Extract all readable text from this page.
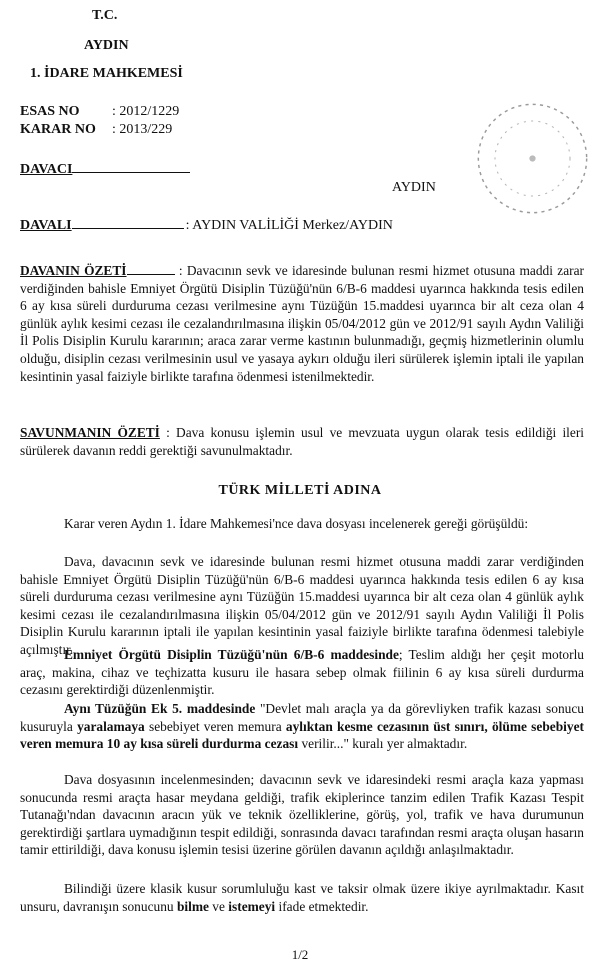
T.C.
AYDIN
1. İDARE MAHKEMESİ
ESAS NO : 2012/1229
KARAR NO : 2013/229
DAVACI
AYDIN
DAVALI	: AYDIN VALİLİĞİ Merkez/AYDIN
DAVANIN ÖZETİ	: Davacının sevk ve idaresinde bulunan resmi hizmet otusuna maddi zarar verdiğinden bahisle Emniyet Örgütü Disiplin Tüzüğü'nün 6/B-6 maddesi uyarınca hakkında tesis edilen 6 ay kısa süreli durduruma cezası verilmesine aynı Tüzüğün 15.maddesi uyarınca bir alt ceza olan 4 günlük aylık kesimi cezası ile cezalandırılmasına ilişkin 05/04/2012 gün ve 2012/91 sayılı Aydın Valiliği İl Polis Disiplin Kurulu kararının; araca zarar verme kastının bulunmadığı, geçmiş hizmetlerinin olumlu olduğu, disiplin cezası verilmesinin usul ve yasaya aykırı olduğu ileri sürülerek işlemin iptali ile yapılan kesintinin yasal faiziyle birlikte tarafına ödenmesi istenilmektedir.
SAVUNMANIN ÖZETİ : Dava konusu işlemin usul ve mevzuata uygun olarak tesis edildiği ileri sürülerek davanın reddi gerektiği savunulmaktadır.
TÜRK MİLLETİ ADINA
Karar veren Aydın 1. İdare Mahkemesi'nce dava dosyası incelenerek gereği görüşüldü:
Dava, davacının sevk ve idaresinde bulunan resmi hizmet otusuna maddi zarar verdiğinden bahisle Emniyet Örgütü Disiplin Tüzüğü'nün 6/B-6 maddesi uyarınca hakkında tesis edilen 6 ay kısa süreli durduruma cezası verilmesine aynı Tüzüğün 15.maddesi uyarınca bir alt ceza olan 4 günlük aylık kesimi cezası ile cezalandırılmasına ilişkin 05/04/2012 gün ve 2012/91 sayılı Aydın Valiliği İl Polis Disiplin Kurulu kararının iptali ile yapılan kesintinin yasal faiziyle birlikte tarafına ödenmesi talebiyle açılmıştır.
Emniyet Örgütü Disiplin Tüzüğü'nün 6/B-6 maddesinde; Teslim aldığı her çeşit motorlu araç, makina, cihaz ve teçhizatta kusuru ile hasara sebep olmak fiilinin 6 ay kısa süreli durdurma cezasını gerektirdiği düzenlenmiştir.
Aynı Tüzüğün Ek 5. maddesinde "Devlet malı araçla ya da görevliyken trafik kazası sonucu kusuruyla yaralamaya sebebiyet veren memura aylıktan kesme cezasının üst sınırı, ölüme sebebiyet veren memura 10 ay kısa süreli durdurma cezası verilir..." kuralı yer almaktadır.
Dava dosyasının incelenmesinden; davacının sevk ve idaresindeki resmi araçla kaza yapması sonucunda resmi araçta hasar meydana geldiği, trafik ekiplerince tanzim edilen Trafik Kazası Tespit Tutanağı'ndan davacının aracın yük ve teknik özelliklerine, görüş, yol, trafik ve hava durumunun gerektirdiği şartlara uymadığının tespit edildiği, sonrasında davacı tarafından resmi araçta oluşan hasarın tamir ettirildiği, dava konusu işlemin tesisi üzerine görülen davanın açıldığı anlaşılmaktadır.
Bilindiği üzere klasik kusur sorumluluğu kast ve taksir olmak üzere ikiye ayrılmaktadır. Kasıt unsuru, davranışın sonucunu bilme ve istemeyi ifade etmektedir.
1/2
